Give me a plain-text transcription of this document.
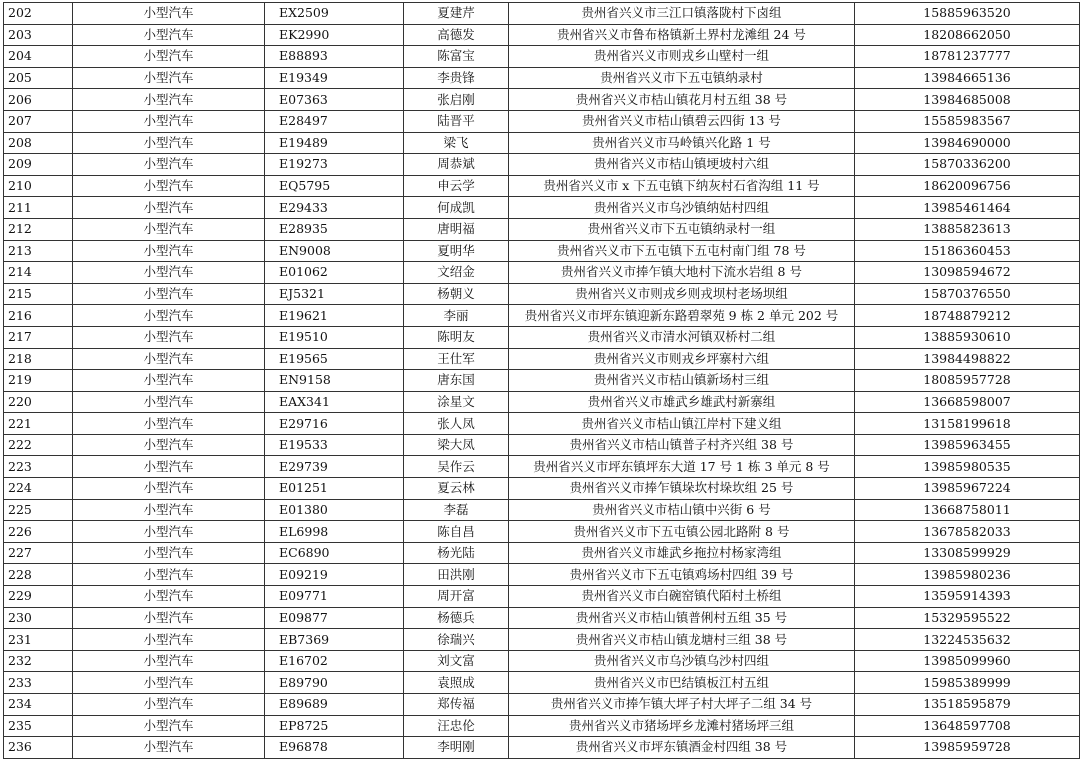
202	小型汽车	EX2509	夏建芹	贵州省兴义市三江口镇落陇村下卤组	15885963520
203	小型汽车	EK2990	高德发	贵州省兴义市鲁布格镇新土界村龙滩组 24 号	18208662050
204	小型汽车	E88893	陈富宝	贵州省兴义市则戎乡山壁村一组	18781237777
205	小型汽车	E19349	李贵锋	贵州省兴义市下五屯镇纳录村	13984665136
206	小型汽车	E07363	张启刚	贵州省兴义市桔山镇花月村五组 38 号	13984685008
207	小型汽车	E28497	陆晋平	贵州省兴义市桔山镇碧云四街 13 号	15585983567
208	小型汽车	E19489	梁飞	贵州省兴义市马岭镇兴化路 1 号	13984690000
209	小型汽车	E19273	周恭斌	贵州省兴义市桔山镇埂坡村六组	15870336200
210	小型汽车	EQ5795	申云学	贵州省兴义市 x 下五屯镇下纳灰村石省沟组 11 号	18620096756
211	小型汽车	E29433	何成凯	贵州省兴义市乌沙镇纳姑村四组	13985461464
212	小型汽车	E28935	唐明福	贵州省兴义市下五屯镇纳录村一组	13885823613
213	小型汽车	EN9008	夏明华	贵州省兴义市下五屯镇下五屯村南门组 78 号	15186360453
214	小型汽车	E01062	文绍金	贵州省兴义市捧乍镇大地村下流水岩组 8 号	13098594672
215	小型汽车	EJ5321	杨朝义	贵州省兴义市则戎乡则戎坝村老场坝组	15870376550
216	小型汽车	E19621	李丽	贵州省兴义市坪东镇迎新东路碧翠苑 9 栋 2 单元 202 号	18748879212
217	小型汽车	E19510	陈明友	贵州省兴义市清水河镇双桥村二组	13885930610
218	小型汽车	E19565	王仕军	贵州省兴义市则戎乡坪寨村六组	13984498822
219	小型汽车	EN9158	唐东国	贵州省兴义市桔山镇新场村三组	18085957728
220	小型汽车	EAX341	涂星文	贵州省兴义市雄武乡雄武村新寨组	13668598007
221	小型汽车	E29716	张人凤	贵州省兴义市桔山镇江岸村下建义组	13158199618
222	小型汽车	E19533	梁大凤	贵州省兴义市桔山镇普子村齐兴组 38 号	13985963455
223	小型汽车	E29739	吴作云	贵州省兴义市坪东镇坪东大道 17 号 1 栋 3 单元 8 号	13985980535
224	小型汽车	E01251	夏云林	贵州省兴义市捧乍镇垛坎村垛坎组 25 号	13985967224
225	小型汽车	E01380	李磊	贵州省兴义市桔山镇中兴街 6 号	13668758011
226	小型汽车	EL6998	陈自昌	贵州省兴义市下五屯镇公园北路附 8 号	13678582033
227	小型汽车	EC6890	杨光陆	贵州省兴义市雄武乡拖拉村杨家湾组	13308599929
228	小型汽车	E09219	田洪刚	贵州省兴义市下五屯镇鸡场村四组 39 号	13985980236
229	小型汽车	E09771	周开富	贵州省兴义市白碗窑镇代陌村土桥组	13595914393
230	小型汽车	E09877	杨德兵	贵州省兴义市桔山镇普俐村五组 35 号	15329595522
231	小型汽车	EB7369	徐瑞兴	贵州省兴义市桔山镇龙塘村三组 38 号	13224535632
232	小型汽车	E16702	刘文富	贵州省兴义市乌沙镇乌沙村四组	13985099960
233	小型汽车	E89790	袁照成	贵州省兴义市巴结镇板江村五组	15985389999
234	小型汽车	E89689	郑传福	贵州省兴义市捧乍镇大坪子村大坪子二组 34 号	13518595879
235	小型汽车	EP8725	汪忠伦	贵州省兴义市猪场坪乡龙滩村猪场坪三组	13648597708
236	小型汽车	E96878	李明刚	贵州省兴义市坪东镇酒金村四组 38 号	13985959728
